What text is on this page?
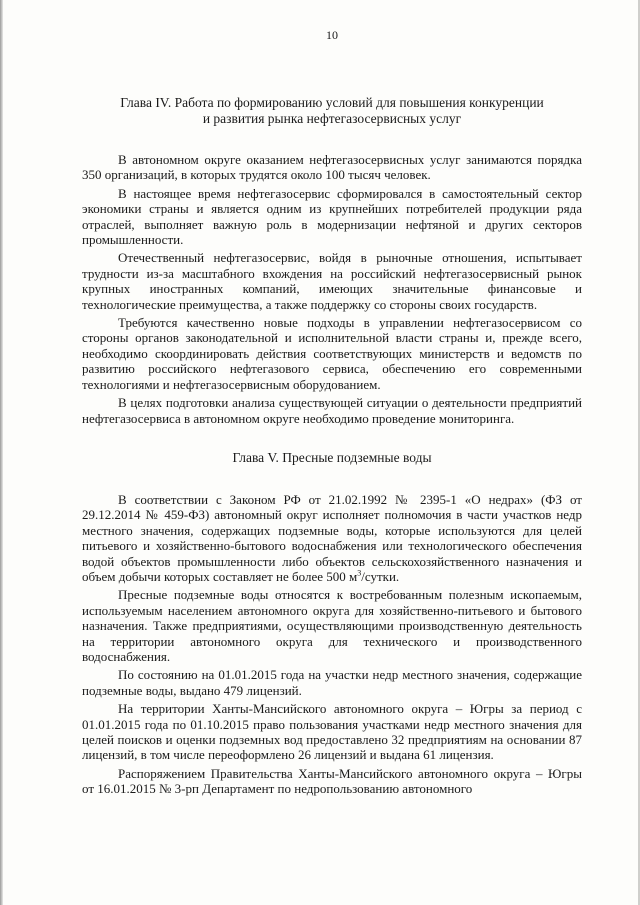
10
Глава IV. Работа по формированию условий для повышения конкуренции
и развития рынка нефтегазосервисных услуг

В автономном округе оказанием нефтегазосервисных услуг занимаются порядка 350 организаций, в которых трудятся около 100 тысяч человек.

В настоящее время нефтегазосервис сформировался в самостоятельный сектор экономики страны и является одним из крупнейших потребителей продукции ряда отраслей, выполняет важную роль в модернизации нефтяной и других секторов промышленности.

Отечественный нефтегазосервис, войдя в рыночные отношения, испытывает трудности из-за масштабного вхождения на российский нефтегазосервисный рынок крупных иностранных компаний, имеющих значительные финансовые и технологические преимущества, а также поддержку со стороны своих государств.

Требуются качественно новые подходы в управлении нефтегазосервисом со стороны органов законодательной и исполнительной власти страны и, прежде всего, необходимо скоординировать действия соответствующих министерств и ведомств по развитию российского нефтегазового сервиса, обеспечению его современными технологиями и нефтегазосервисным оборудованием.

В целях подготовки анализа существующей ситуации о деятельности предприятий нефтегазосервиса в автономном округе необходимо проведение мониторинга.

Глава V. Пресные подземные воды

В соответствии с Законом РФ от 21.02.1992 № 2395-1 «О недрах» (ФЗ от 29.12.2014 № 459-ФЗ) автономный округ исполняет полномочия в части участков недр местного значения, содержащих подземные воды, которые используются для целей питьевого и хозяйственно-бытового водоснабжения или технологического обеспечения водой объектов промышленности либо объектов сельскохозяйственного назначения и объем добычи которых составляет не более 500 $м^3$/сутки.

Пресные подземные воды относятся к востребованным полезным ископаемым, используемым населением автономного округа для хозяйственно-питьевого и бытового назначения. Также предприятиями, осуществляющими производственную деятельность на территории автономного округа для технического и производственного водоснабжения.

По состоянию на 01.01.2015 года на участки недр местного значения, содержащие подземные воды, выдано 479 лицензий.

На территории Ханты-Мансийского автономного округа – Югры за период с 01.01.2015 года по 01.10.2015 право пользования участками недр местного значения для целей поисков и оценки подземных вод предоставлено 32 предприятиям на основании 87 лицензий, в том числе переоформлено 26 лицензий и выдана 61 лицензия.

Распоряжением Правительства Ханты-Мансийского автономного округа – Югры от 16.01.2015 № 3-рп Департамент по недропользованию автономного
